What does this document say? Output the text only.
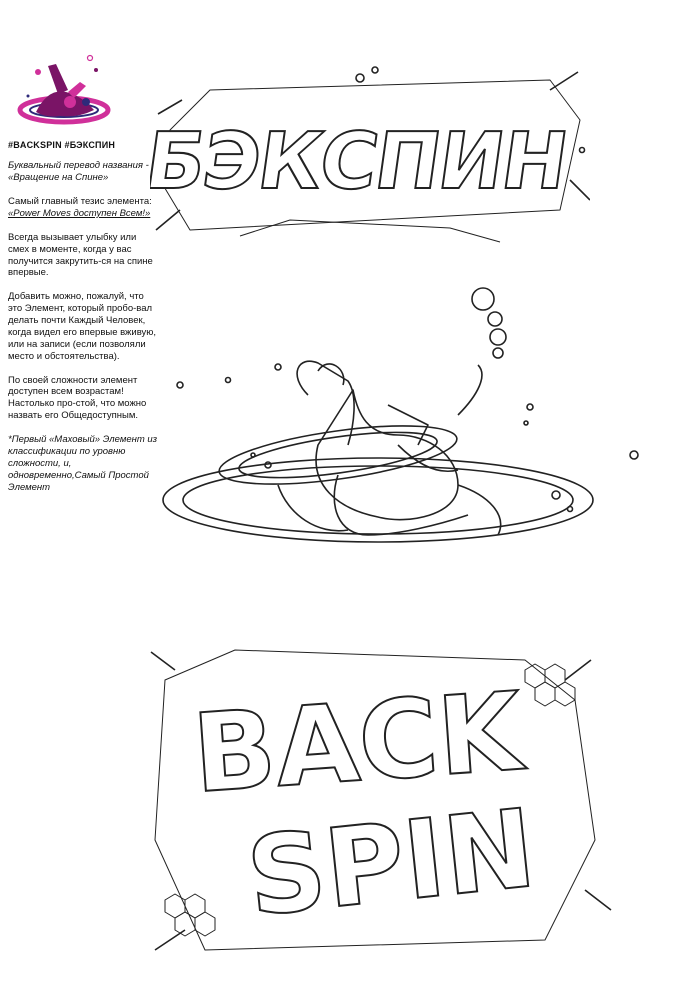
#BACKSPIN #БЭКСПИН
Буквальный перевод названия - «Вращение на Спине»
Самый главный тезис элемента:
«Power Moves доступен Всем!»
Всегда вызывает улыбку или смех в моменте, когда у вас получится закрутить-ся на спине впервые.
Добавить можно, пожалуй, что это Элемент, который пробо-вал делать почти Каждый Человек, когда видел его впервые вживую, или на записи (если позволяли место и обстоятельства).
По своей сложности элемент доступен всем возрастам! Настолько про-стой, что можно назвать его Общедоступным.
*Первый «Маховый» Элемент из классификации по уровню сложности, и, одновременно,Самый Простой Элемент
БЭКСПИН
BACK
SPIN
